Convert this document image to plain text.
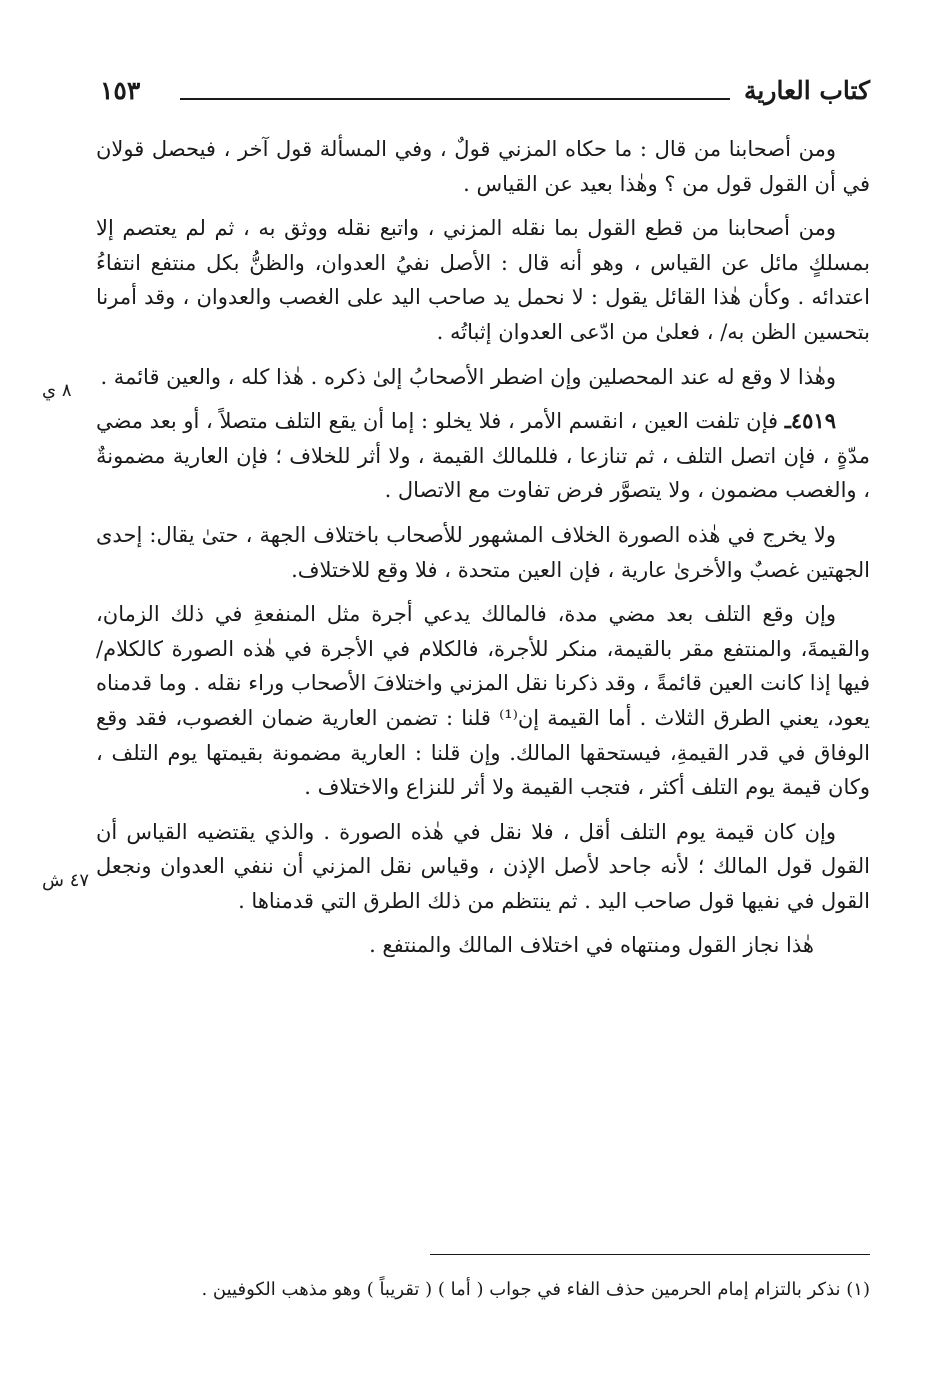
كتاب العارية
١٥٣

ومن أصحابنا من قال : ما حكاه المزني قولٌ ، وفي المسألة قول آخر ، فيحصل قولان في أن القول قول من ؟ وهٰذا بعيد عن القياس .

ومن أصحابنا من قطع القول بما نقله المزني ، واتبع نقله ووثق به ، ثم لم يعتصم إلا بمسلكٍ مائل عن القياس ، وهو أنه قال : الأصل نفيُ العدوان، والظنُّ بكل منتفع انتفاءُ اعتدائه . وكأن هٰذا القائل يقول : لا نحمل يد صاحب اليد على الغصب والعدوان ، وقد أمرنا بتحسين الظن به/ ، فعلىٰ من ادّعى العدوان إثباتُه .

وهٰذا لا وقع له عند المحصلين وإن اضطر الأصحابُ إلىٰ ذكره . هٰذا كله ، والعين قائمة .

٤٥١٩ـ فإن تلفت العين ، انقسم الأمر ، فلا يخلو : إما أن يقع التلف متصلاً ، أو بعد مضي مدّةٍ ، فإن اتصل التلف ، ثم تنازعا ، فللمالك القيمة ، ولا أثر للخلاف ؛ فإن العارية مضمونةٌ ، والغصب مضمون ، ولا يتصوَّر فرض تفاوت مع الاتصال .

ولا يخرج في هٰذه الصورة الخلاف المشهور للأصحاب باختلاف الجهة ، حتىٰ يقال: إحدى الجهتين غصبٌ والأخرىٰ عارية ، فإن العين متحدة ، فلا وقع للاختلاف.

وإن وقع التلف بعد مضي مدة، فالمالك يدعي أجرة مثل المنفعةِ في ذلك الزمان، والقيمةَ، والمنتفع مقر بالقيمة، منكر للأجرة، فالكلام في الأجرة في هٰذه الصورة كالكلام/ فيها إذا كانت العين قائمةً ، وقد ذكرنا نقل المزني واختلافَ الأصحاب وراء نقله . وما قدمناه يعود، يعني الطرق الثلاث . أما القيمة إن⁽¹⁾ قلنا : تضمن العارية ضمان الغصوب، فقد وقع الوفاق في قدر القيمةِ، فيستحقها المالك. وإن قلنا : العارية مضمونة بقيمتها يوم التلف ، وكان قيمة يوم التلف أكثر ، فتجب القيمة ولا أثر للنزاع والاختلاف .

وإن كان قيمة يوم التلف أقل ، فلا نقل في هٰذه الصورة . والذي يقتضيه القياس أن القول قول المالك ؛ لأنه جاحد لأصل الإذن ، وقياس نقل المزني أن ننفي العدوان ونجعل القول في نفيها قول صاحب اليد . ثم ينتظم من ذلك الطرق التي قدمناها .

هٰذا نجاز القول ومنتهاه في اختلاف المالك والمنتفع .

٨ ي
٤٧ ش
(١) نذكر بالتزام إمام الحرمين حذف الفاء في جواب ( أما ) ( تقريباً ) وهو مذهب الكوفيين .
